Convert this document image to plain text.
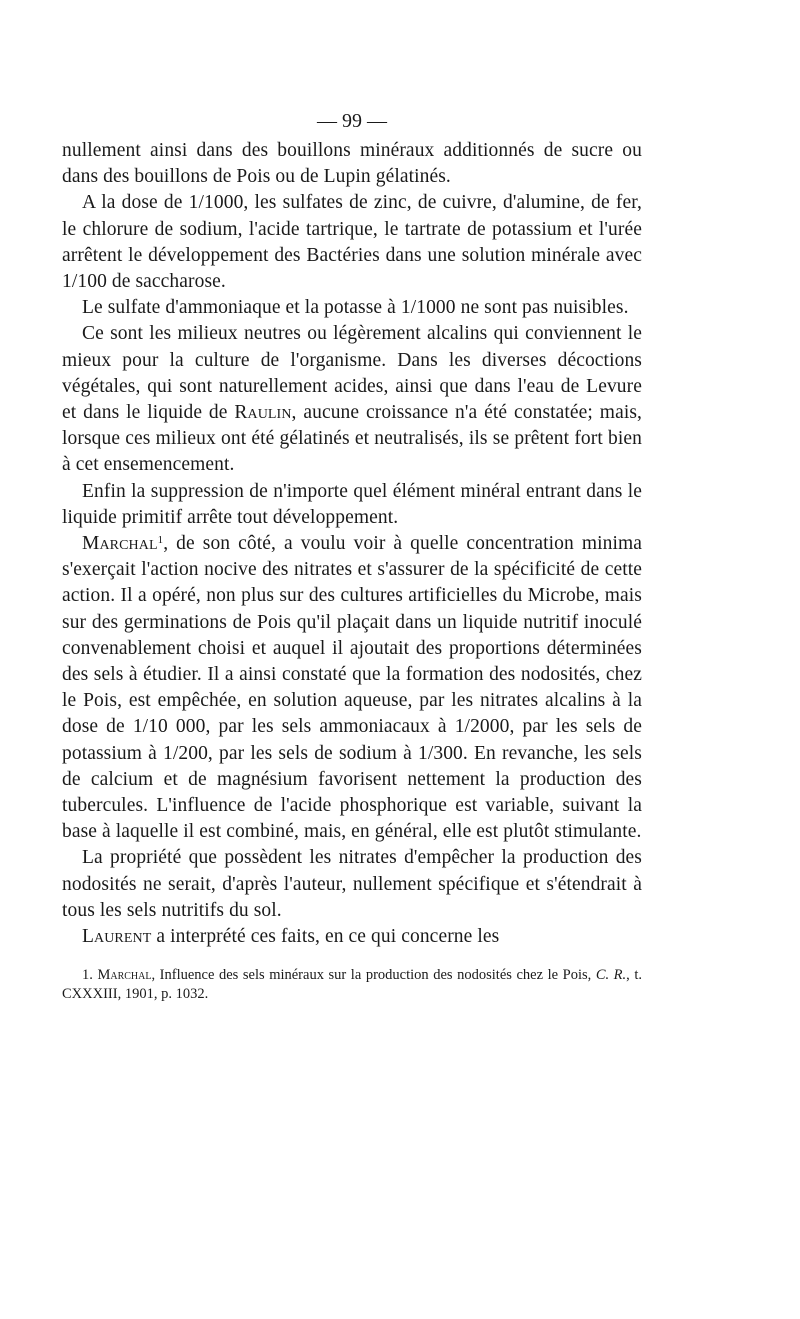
— 99 —

nullement ainsi dans des bouillons minéraux additionnés de sucre ou dans des bouillons de Pois ou de Lupin gélatinés.

A la dose de 1/1000, les sulfates de zinc, de cuivre, d'alumine, de fer, le chlorure de sodium, l'acide tartrique, le tartrate de potassium et l'urée arrêtent le développement des Bactéries dans une solution minérale avec 1/100 de saccharose.

Le sulfate d'ammoniaque et la potasse à 1/1000 ne sont pas nuisibles.

Ce sont les milieux neutres ou légèrement alcalins qui conviennent le mieux pour la culture de l'organisme. Dans les diverses décoctions végétales, qui sont naturellement acides, ainsi que dans l'eau de Levure et dans le liquide de Raulin, aucune croissance n'a été constatée; mais, lorsque ces milieux ont été gélatinés et neutralisés, ils se prêtent fort bien à cet ensemencement.

Enfin la suppression de n'importe quel élément minéral entrant dans le liquide primitif arrête tout développement.

Marchal$^1$, de son côté, a voulu voir à quelle concentration minima s'exerçait l'action nocive des nitrates et s'assurer de la spécificité de cette action. Il a opéré, non plus sur des cultures artificielles du Microbe, mais sur des germinations de Pois qu'il plaçait dans un liquide nutritif inoculé convenablement choisi et auquel il ajoutait des proportions déterminées des sels à étudier. Il a ainsi constaté que la formation des nodosités, chez le Pois, est empêchée, en solution aqueuse, par les nitrates alcalins à la dose de 1/10 000, par les sels ammoniacaux à 1/2000, par les sels de potassium à 1/200, par les sels de sodium à 1/300. En revanche, les sels de calcium et de magnésium favorisent nettement la production des tubercules. L'influence de l'acide phosphorique est variable, suivant la base à laquelle il est combiné, mais, en général, elle est plutôt stimulante.

La propriété que possèdent les nitrates d'empêcher la production des nodosités ne serait, d'après l'auteur, nullement spécifique et s'étendrait à tous les sels nutritifs du sol.

Laurent a interprété ces faits, en ce qui concerne les

1. Marchal, Influence des sels minéraux sur la production des nodosités chez le Pois, C. R., t. CXXXIII, 1901, p. 1032.
